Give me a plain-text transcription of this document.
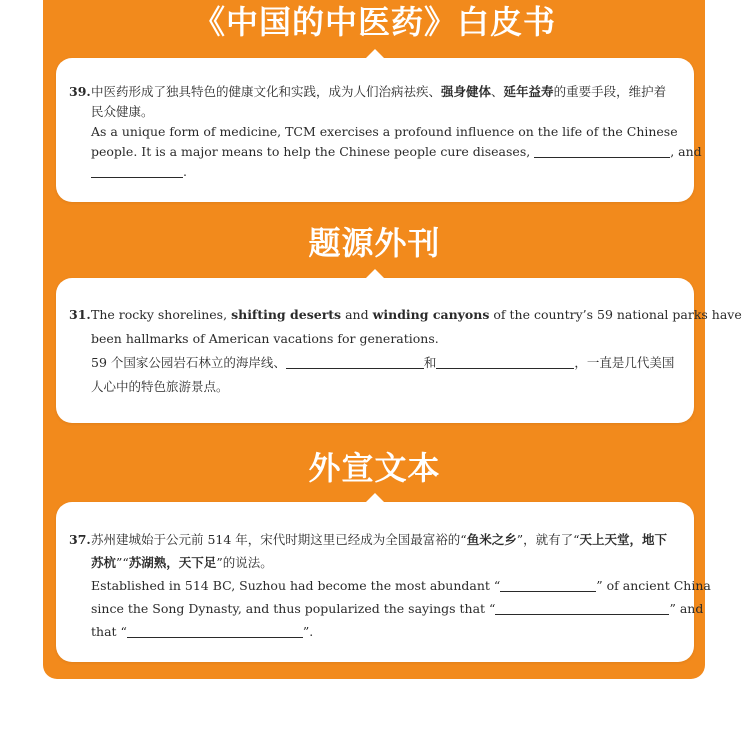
《中国的中医药》白皮书
39. 中医药形成了独具特色的健康文化和实践，成为人们治病祛疾、强身健体、延年益寿的重要手段，维护着
民众健康。
As a unique form of medicine, TCM exercises a profound influence on the life of the Chinese
people. It is a major means to help the Chinese people cure diseases,	, and
.
题源外刊
31. The rocky shorelines, shifting deserts and winding canyons of the country’s 59 national parks have
been hallmarks of American vacations for generations.
59 个国家公园岩石林立的海岸线、	和	，一直是几代美国
人心中的特色旅游景点。
外宣文本
37. 苏州建城始于公元前 514 年，宋代时期这里已经成为全国最富裕的“鱼米之乡”，就有了“天上天堂，地下
苏杭”“苏湖熟，天下足”的说法。
Established in 514 BC, Suzhou had become the most abundant “	” of ancient China
since the Song Dynasty, and thus popularized the sayings that “	” and
that “	”.
